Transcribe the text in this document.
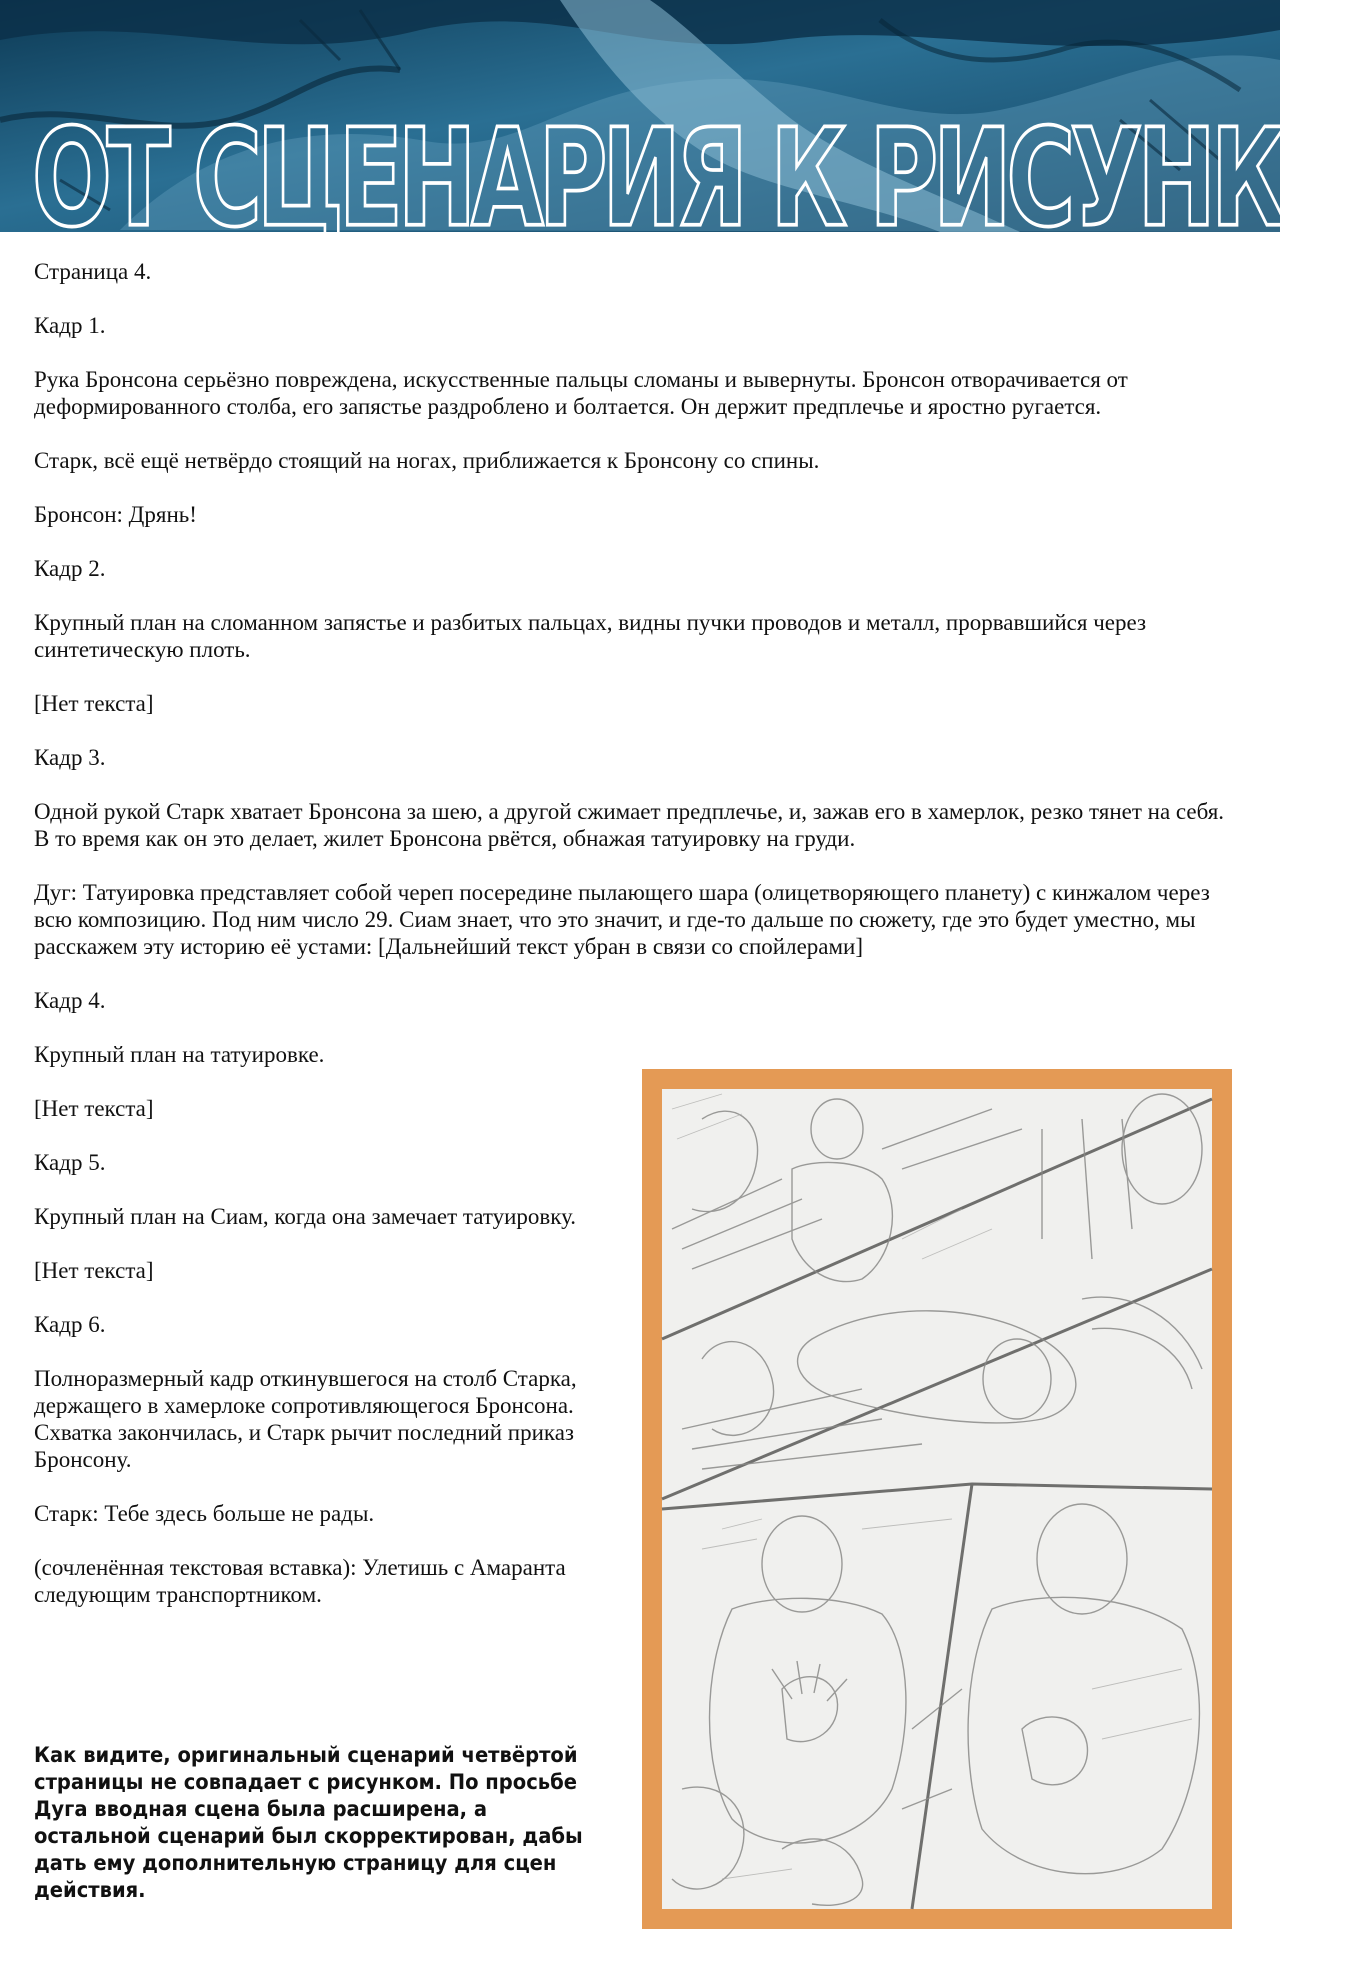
ОТ СЦЕНАРИЯ К РИСУНКУ

Страница 4.

Кадр 1.

Рука Бронсона серьёзно повреждена, искусственные пальцы сломаны и вывернуты. Бронсон отворачивается от деформированного столба, его запястье раздроблено и болтается. Он держит предплечье и яростно ругается.

Старк, всё ещё нетвёрдо стоящий на ногах, приближается к Бронсону со спины.

Бронсон: Дрянь!

Кадр 2.

Крупный план на сломанном запястье и разбитых пальцах, видны пучки проводов и металл, прорвавшийся через синтетическую плоть.

[Нет текста]

Кадр 3.

Одной рукой Старк хватает Бронсона за шею, а другой сжимает предплечье, и, зажав его в хамерлок, резко тянет на себя. В то время как он это делает, жилет Бронсона рвётся, обнажая татуировку на груди.

Дуг: Татуировка представляет собой череп посередине пылающего шара (олицетворяющего планету) с кинжалом через всю композицию. Под ним число 29. Сиам знает, что это значит, и где-то дальше по сюжету, где это будет уместно, мы расскажем эту историю её устами: [Дальнейший текст убран в связи со спойлерами]

Кадр 4.

Крупный план на татуировке.

[Нет текста]

Кадр 5.

Крупный план на Сиам, когда она замечает татуировку.

[Нет текста]

Кадр 6.

Полноразмерный кадр откинувшегося на столб Старка, держащего в хамерлоке сопротивляющегося Бронсона. Схватка закончилась, и Старк рычит последний приказ Бронсону.

Старк: Тебе здесь больше не рады.

(сочленённая текстовая вставка): Улетишь с Амаранта следующим транспортником.

Как видите, оригинальный сценарий четвёртой страницы не совпадает с рисунком. По просьбе Дуга вводная сцена была расширена, а остальной сценарий был скорректирован, дабы дать ему дополнительную страницу для сцен действия.
